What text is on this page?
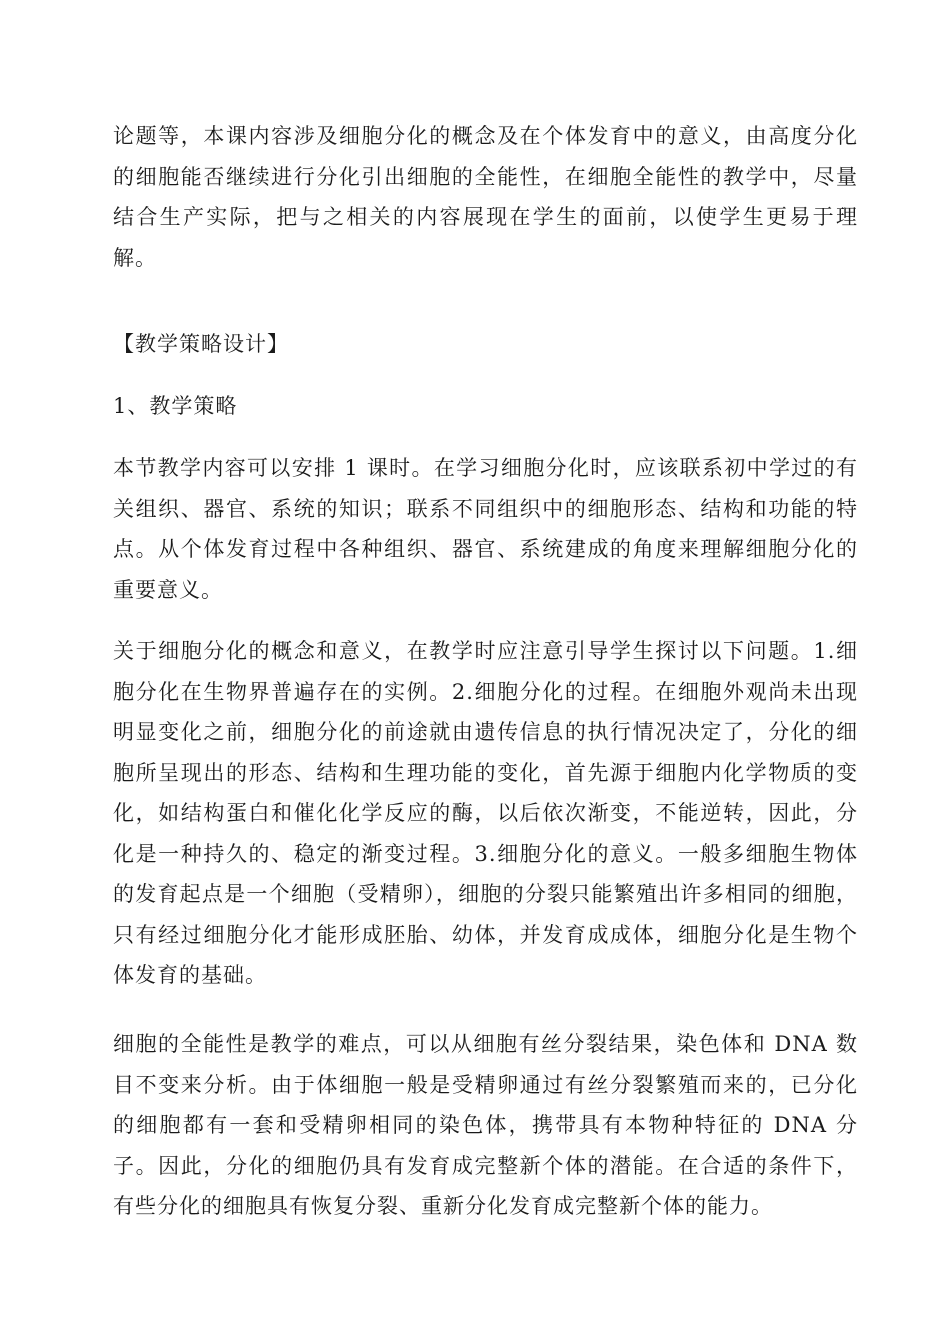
论题等，本课内容涉及细胞分化的概念及在个体发育中的意义，由高度分化的细胞能否继续进行分化引出细胞的全能性，在细胞全能性的教学中，尽量结合生产实际，把与之相关的内容展现在学生的面前，以使学生更易于理解。

【教学策略设计】

1、教学策略

本节教学内容可以安排 1 课时。在学习细胞分化时，应该联系初中学过的有关组织、器官、系统的知识；联系不同组织中的细胞形态、结构和功能的特点。从个体发育过程中各种组织、器官、系统建成的角度来理解细胞分化的重要意义。

关于细胞分化的概念和意义，在教学时应注意引导学生探讨以下问题。1.细胞分化在生物界普遍存在的实例。2.细胞分化的过程。在细胞外观尚未出现明显变化之前，细胞分化的前途就由遗传信息的执行情况决定了，分化的细胞所呈现出的形态、结构和生理功能的变化，首先源于细胞内化学物质的变化，如结构蛋白和催化化学反应的酶，以后依次渐变，不能逆转，因此，分化是一种持久的、稳定的渐变过程。3.细胞分化的意义。一般多细胞生物体的发育起点是一个细胞（受精卵），细胞的分裂只能繁殖出许多相同的细胞，只有经过细胞分化才能形成胚胎、幼体，并发育成成体，细胞分化是生物个体发育的基础。

细胞的全能性是教学的难点，可以从细胞有丝分裂结果，染色体和 DNA 数目不变来分析。由于体细胞一般是受精卵通过有丝分裂繁殖而来的，已分化的细胞都有一套和受精卵相同的染色体，携带具有本物种特征的 DNA 分子。因此，分化的细胞仍具有发育成完整新个体的潜能。在合适的条件下，有些分化的细胞具有恢复分裂、重新分化发育成完整新个体的能力。
